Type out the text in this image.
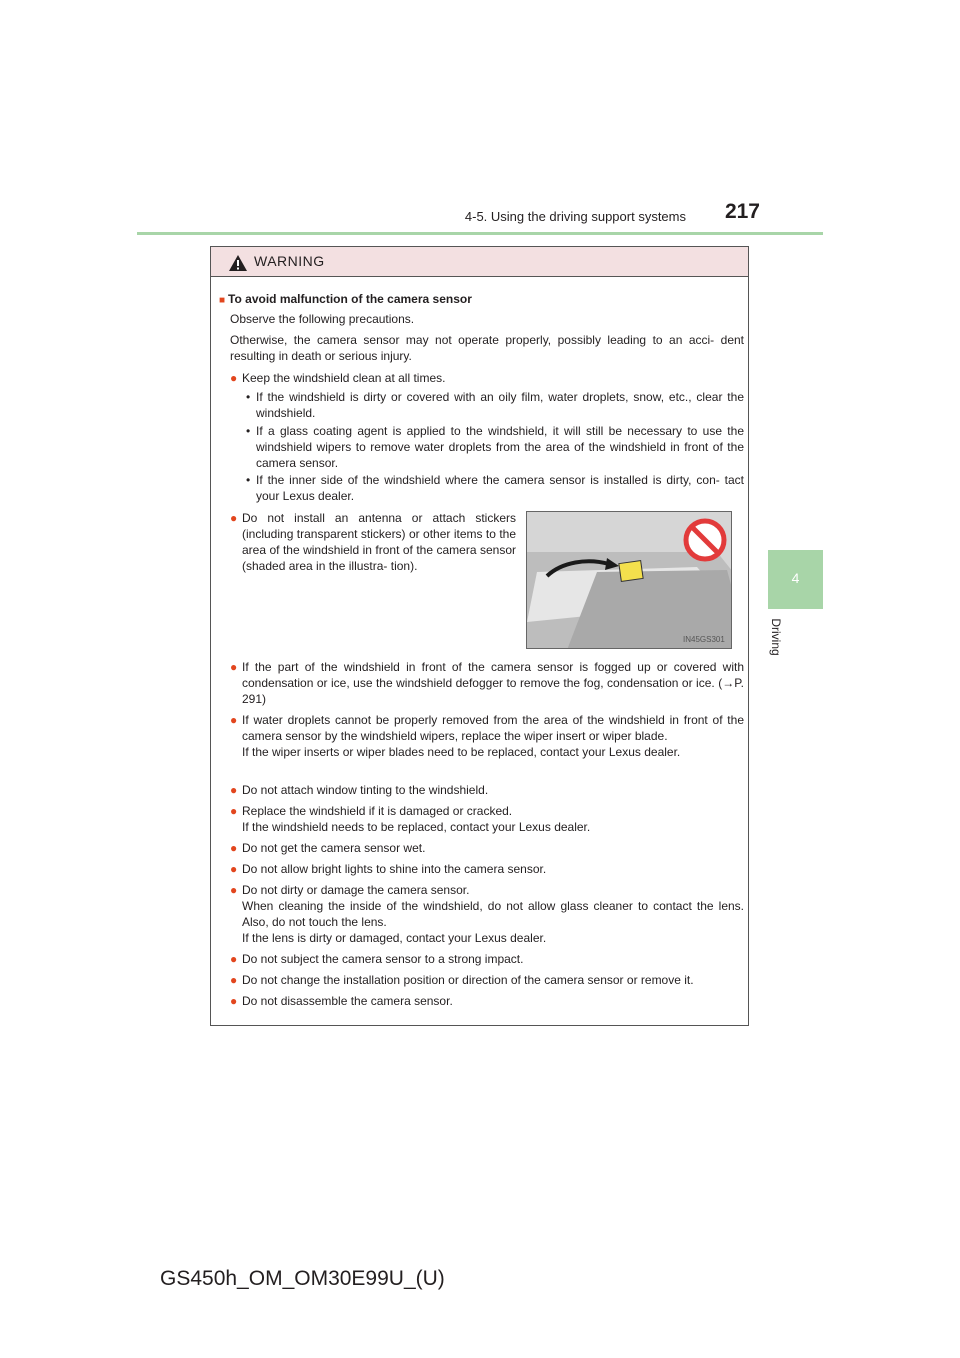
4-5. Using the driving support systems 217
4
Driving
WARNING
■ To avoid malfunction of the camera sensor
Observe the following precautions.
Otherwise, the camera sensor may not operate properly, possibly leading to an acci- dent resulting in death or serious injury.
● Keep the windshield clean at all times.
• If the windshield is dirty or covered with an oily film, water droplets, snow, etc., clear the windshield.
• If a glass coating agent is applied to the windshield, it will still be necessary to use the windshield wipers to remove water droplets from the area of the windshield in front of the camera sensor.
• If the inner side of the windshield where the camera sensor is installed is dirty, con- tact your Lexus dealer.
● Do not install an antenna or attach stickers (including transparent stickers) or other items to the area of the windshield in front of the camera sensor (shaded area in the illustra- tion).
● If the part of the windshield in front of the camera sensor is fogged up or covered with condensation or ice, use the windshield defogger to remove the fog, condensation or ice. (→P. 291)
● If water droplets cannot be properly removed from the area of the windshield in front of the camera sensor by the windshield wipers, replace the wiper insert or wiper blade.
If the wiper inserts or wiper blades need to be replaced, contact your Lexus dealer.
● Do not attach window tinting to the windshield.
● Replace the windshield if it is damaged or cracked.
If the windshield needs to be replaced, contact your Lexus dealer.
● Do not get the camera sensor wet.
● Do not allow bright lights to shine into the camera sensor.
● Do not dirty or damage the camera sensor.
When cleaning the inside of the windshield, do not allow glass cleaner to contact the lens. Also, do not touch the lens.
If the lens is dirty or damaged, contact your Lexus dealer.
● Do not subject the camera sensor to a strong impact.
● Do not change the installation position or direction of the camera sensor or remove it.
● Do not disassemble the camera sensor.
IN45GS301
GS450h_OM_OM30E99U_(U)
